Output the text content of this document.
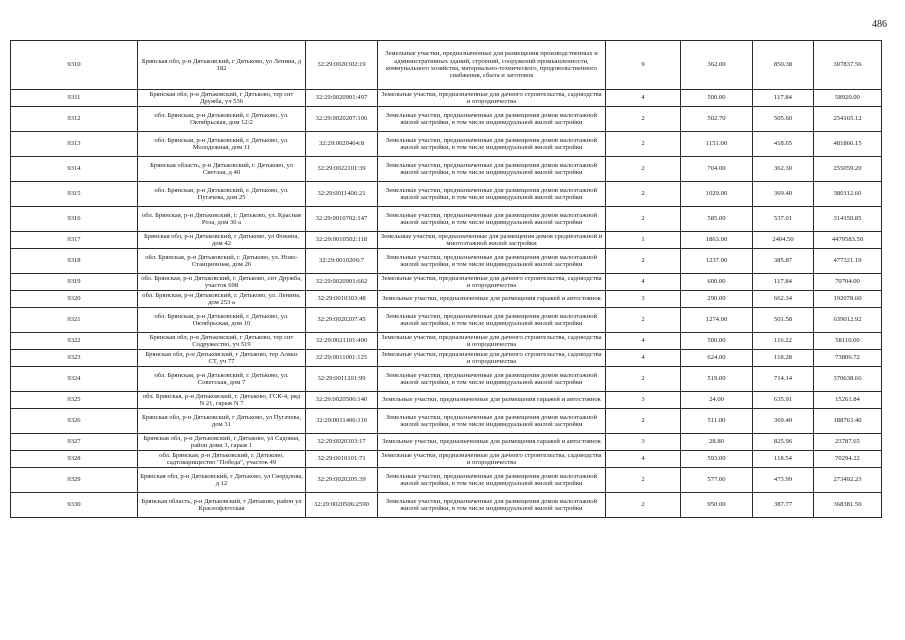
486
9310	Брянская обл, р-н Дятьковский, г Дятьково, ул Ленина, д 182	32:29:0020302:19	Земельные участки, предназначенные для размещения производственных и административных зданий, строений, сооружений промышленности, коммунального хозяйства, материально-технического, продовольственного снабжения, сбыта и заготовок	9	362.00	850.38	307837.56
9311	Брянская обл, р-н Дятьковский, г Дятьково, тер снт Дружба, уч 536	32:29:0020901:497	Земельные участки, предназначенные для дачного строительства, садоводства и огородничества	4	500.00	117.84	58920.00
9312	обл. Брянская, р-н Дятьковский, г. Дятьково, ул. Октябрьская, дом 12/2	32:29:0020207:106	Земельные участки, предназначенные для размещения домов малоэтажной жилой застройки, в том числе индивидуальной жилой застройки	2	502.70	505.60	254165.12
9313	обл. Брянская, р-н Дятьковский, г. Дятьково, ул. Молодежная, дом 11	32:29:0020404:8	Земельные участки, предназначенные для размещения домов малоэтажной жилой застройки, в том числе индивидуальной жилой застройки	2	1151.00	418.65	481866.15
9314	Брянская область, р-н Дятьковский, г. Дятьково, ул Светлая, д 40	32:29:0022101:39	Земельные участки, предназначенные для размещения домов малоэтажной жилой застройки, в том числе индивидуальной жилой застройки	2	704.00	362.30	255059.20
9315	обл. Брянская, р-н Дятьковский, г. Дятьково, ул. Пугачева, дом 25	32:29:0011406:21	Земельные участки, предназначенные для размещения домов малоэтажной жилой застройки, в том числе индивидуальной жилой застройки	2	1029.00	369.40	380112.60
9316	обл. Брянская, р-н Дятьковский, г. Дятьково, ул. Красная Роза, дом 30 а	32:29:0010702:147	Земельные участки, предназначенные для размещения домов малоэтажной жилой застройки, в том числе индивидуальной жилой застройки	2	585.00	537.01	314150.85
9317	Брянская обл, р-н Дятьковский, г Дятьково, ул Фокина, дом 42	32:29:0010502:118	Земельные участки, предназначенные для размещения домов среднеэтажной и многоэтажной жилой застройки	1	1863.00	2404.50	4479583.50
9318	обл. Брянская, р-н Дятьковский, г. Дятьково, ул. Ново-Станционная, дом 26	32:29:0010206:7	Земельные участки, предназначенные для размещения домов малоэтажной жилой застройки, в том числе индивидуальной жилой застройки	2	1237.00	385.87	477321.19
9319	обл. Брянская, р-н Дятьковский, г. Дятьково, снт Дружба, участок 698	32:29:0020901:662	Земельные участки, предназначенные для дачного строительства, садоводства и огородничества	4	600.00	117.84	70704.00
9320	обл. Брянская, р-н Дятьковский, г. Дятьково, ул. Ленина, дом 253 а	32:29:0010303:48	Земельные участки, предназначенные для размещения гаражей и автостоянок	3	290.00	662.34	192078.60
9321	обл. Брянская, р-н Дятьковский, г. Дятьково, ул. Октябрьская, дом 10	32:29:0020207:45	Земельные участки, предназначенные для размещения домов малоэтажной жилой застройки, в том числе индивидуальной жилой застройки	2	1274.00	501.58	639012.92
9322	Брянская обл, р-н Дятьковский, г Дятьково, тер снт Содружество, уч 519	32:29:0021101:490	Земельные участки, предназначенные для дачного строительства, садоводства и огородничества	4	500.00	116.22	58110.00
9323	Брянская обл, р-н Дятьковский, г Дятьково, тер Алмаз СТ, уч 77	32:29:0011001:125	Земельные участки, предназначенные для дачного строительства, садоводства и огородничества	4	624.00	118.28	73806.72
9324	обл. Брянская, р-н Дятьковский, г. Дятьково, ул. Советская, дом 7	32:29:0011201:99	Земельные участки, предназначенные для размещения домов малоэтажной жилой застройки, в том числе индивидуальной жилой застройки	2	519.00	714.14	370638.66
9325	обл. Брянская, р-н Дятьковский, г. Дятьково, ГСК-4, ряд N 21, гараж N 7	32:29:0020506:140	Земельные участки, предназначенные для размещения гаражей и автостоянок	3	24.00	635.91	15261.84
9326	Брянская обл, р-н Дятьковский, г Дятьково, ул Пугачева, дом 31	32:29:0011406:110	Земельные участки, предназначенные для размещения домов малоэтажной жилой застройки, в том числе индивидуальной жилой застройки	2	511.00	369.40	188763.40
9327	Брянская обл, р-н Дятьковский, г Дятьково, ул Садовая, район дома 3, гараж 1	32:29:0020303:17	Земельные участки, предназначенные для размещения гаражей и автостоянок	3	28.80	825.96	23787.65
9328	обл. Брянская, р-н Дятьковский, г. Дятьково, садтоварищество "Победа", участок 49	32:29:0010101:71	Земельные участки, предназначенные для дачного строительства, садоводства и огородничества	4	593.00	118.54	70294.22
9329	Брянская обл, р-н Дятьковский, г Дятьково, ул Свердлова, д 12	32:29:0020205:39	Земельные участки, предназначенные для размещения домов малоэтажной жилой застройки, в том числе индивидуальной жилой застройки	2	577.00	473.99	273492.23
9330	Брянская область, р-н Дятьковский, г Дятьково, район ул Краснофлотская	32:29:0020506:2590	Земельные участки, предназначенные для размещения домов малоэтажной жилой застройки, в том числе индивидуальной жилой застройки	2	950.00	387.77	368381.50
